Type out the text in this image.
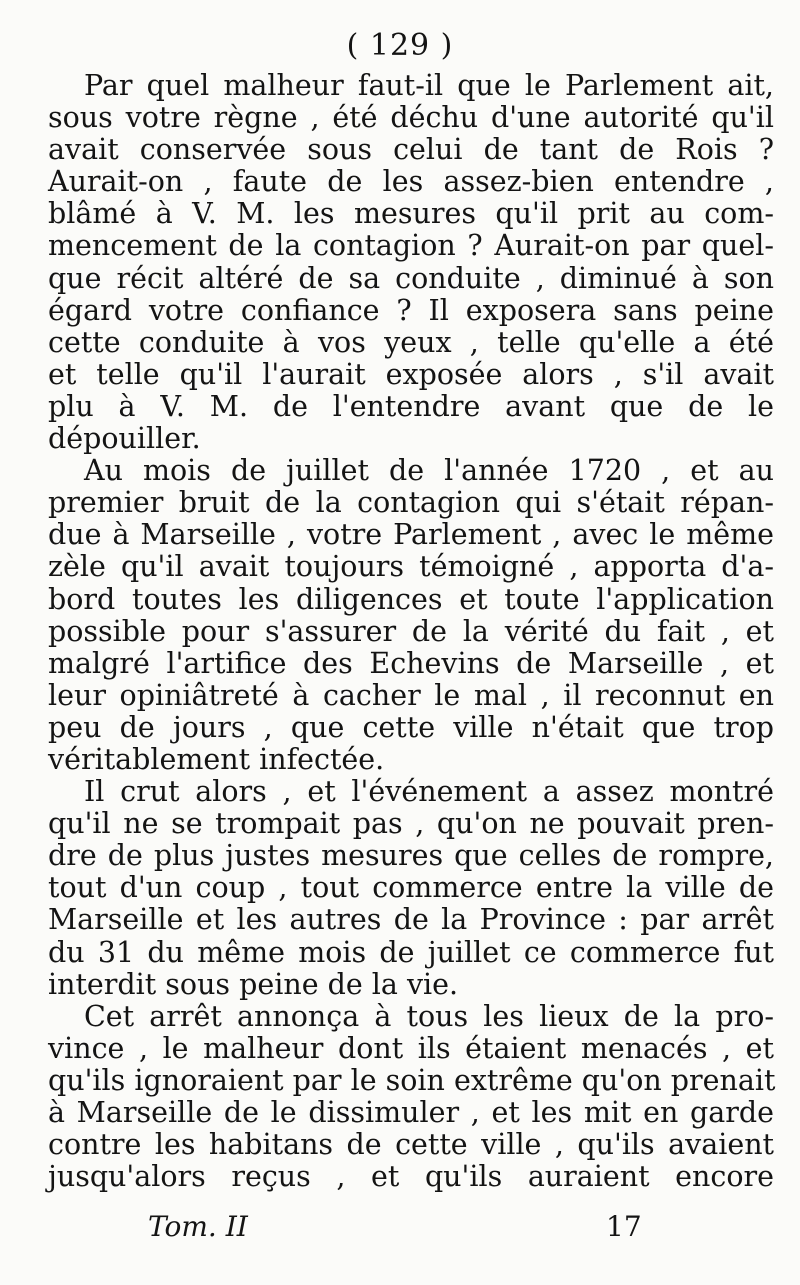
( 129 )
Par quel malheur faut-il que le Parlement ait,
sous votre règne , été déchu d'une autorité qu'il
avait conservée sous celui de tant de Rois ?
Aurait-on , faute de les assez-bien entendre ,
blâmé à V. M. les mesures qu'il prit au com-
mencement de la contagion ? Aurait-on par quel-
que récit altéré de sa conduite , diminué à son
égard votre confiance ? Il exposera sans peine
cette conduite à vos yeux , telle qu'elle a été
et telle qu'il l'aurait exposée alors , s'il avait
plu à V. M. de l'entendre avant que de le
dépouiller.
Au mois de juillet de l'année 1720 , et au
premier bruit de la contagion qui s'était répan-
due à Marseille , votre Parlement , avec le même
zèle qu'il avait toujours témoigné , apporta d'a-
bord toutes les diligences et toute l'application
possible pour s'assurer de la vérité du fait , et
malgré l'artifice des Echevins de Marseille , et
leur opiniâtreté à cacher le mal , il reconnut en
peu de jours , que cette ville n'était que trop
véritablement infectée.
Il crut alors , et l'événement a assez montré
qu'il ne se trompait pas , qu'on ne pouvait pren-
dre de plus justes mesures que celles de rompre,
tout d'un coup , tout commerce entre la ville de
Marseille et les autres de la Province : par arrêt
du 31 du même mois de juillet ce commerce fut
interdit sous peine de la vie.
Cet arrêt annonça à tous les lieux de la pro-
vince , le malheur dont ils étaient menacés , et
qu'ils ignoraient par le soin extrême qu'on prenait
à Marseille de le dissimuler , et les mit en garde
contre les habitans de cette ville , qu'ils avaient
jusqu'alors reçus , et qu'ils auraient encore
Tom. II	17
